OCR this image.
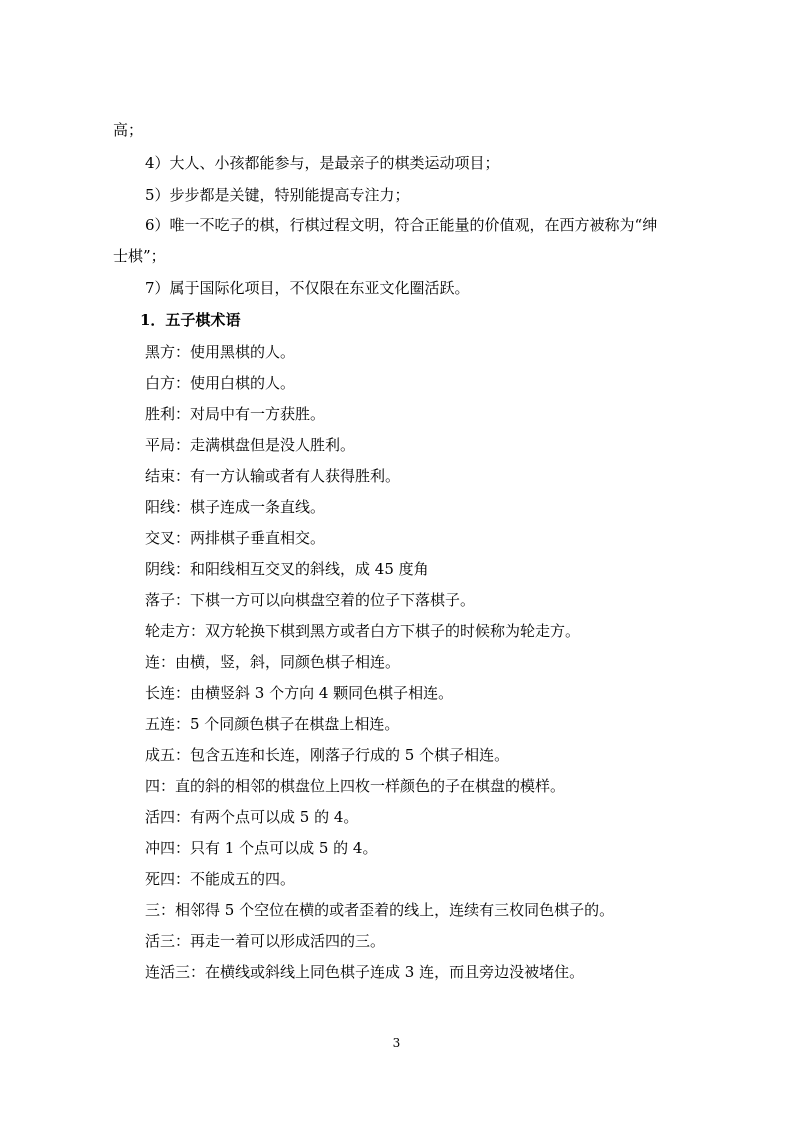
高；
4）大人、小孩都能参与，是最亲子的棋类运动项目；
5）步步都是关键，特别能提高专注力；
6）唯一不吃子的棋，行棋过程文明，符合正能量的价值观，在西方被称为“绅
士棋”；
7）属于国际化项目，不仅限在东亚文化圈活跃。
1．五子棋术语
黑方：使用黑棋的人。
白方：使用白棋的人。
胜利：对局中有一方获胜。
平局：走满棋盘但是没人胜利。
结束：有一方认输或者有人获得胜利。
阳线：棋子连成一条直线。
交叉：两排棋子垂直相交。
阴线：和阳线相互交叉的斜线，成 45 度角
落子：下棋一方可以向棋盘空着的位子下落棋子。
轮走方：双方轮换下棋到黑方或者白方下棋子的时候称为轮走方。
连：由横，竖，斜，同颜色棋子相连。
长连：由横竖斜 3 个方向 4 颗同色棋子相连。
五连：5 个同颜色棋子在棋盘上相连。
成五：包含五连和长连，刚落子行成的 5 个棋子相连。
四：直的斜的相邻的棋盘位上四枚一样颜色的子在棋盘的模样。
活四：有两个点可以成 5 的 4。
冲四：只有 1 个点可以成 5 的 4。
死四：不能成五的四。
三：相邻得 5 个空位在横的或者歪着的线上，连续有三枚同色棋子的。
活三：再走一着可以形成活四的三。
连活三：在横线或斜线上同色棋子连成 3 连，而且旁边没被堵住。
3
